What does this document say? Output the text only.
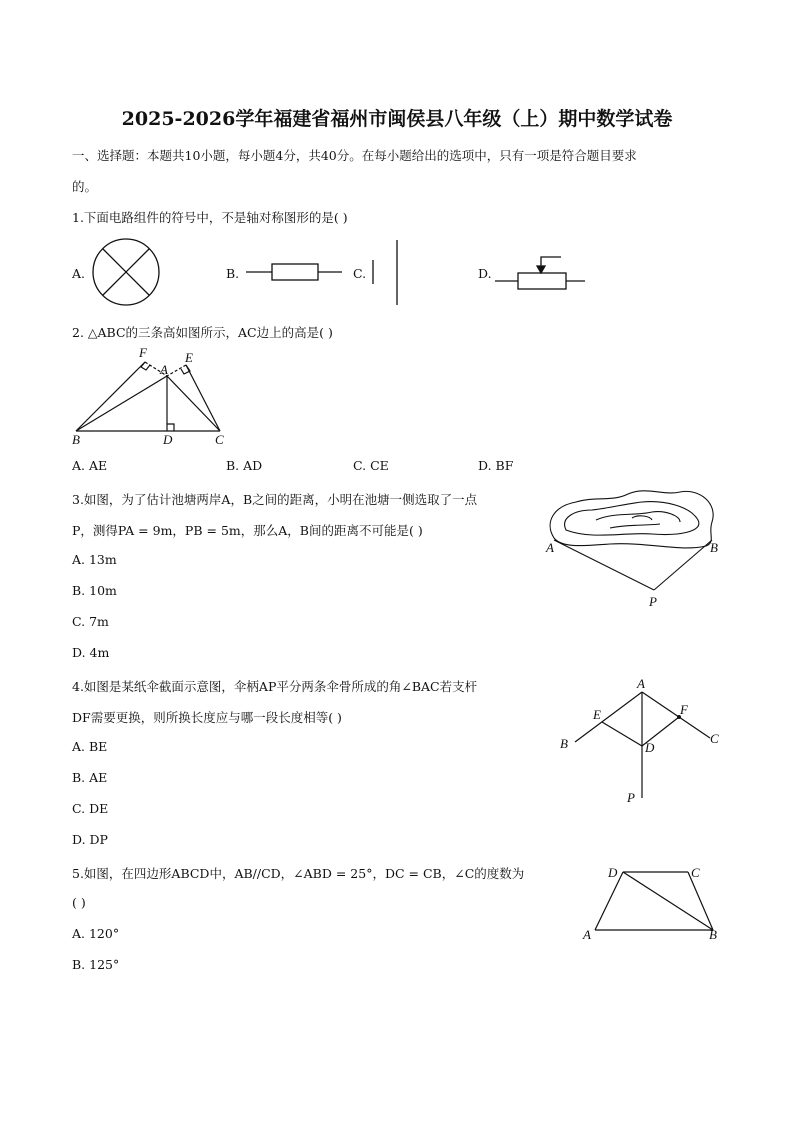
2025-2026学年福建省福州市闽侯县八年级（上）期中数学试卷
一、选择题：本题共10小题，每小题4分，共40分。在每小题给出的选项中，只有一项是符合题目要求
的。
1.下面电路组件的符号中，不是轴对称图形的是( )
A.	B.	C.	D.
2. △ABC的三条高如图所示，AC边上的高是( )
F	E
A
B	D	C
A. AE	B. AD	C. CE	D. BF
3.如图，为了估计池塘两岸A，B之间的距离，小明在池塘一侧选取了一点
P，测得PA = 9m，PB = 5m，那么A，B间的距离不可能是( )
A. 13m
B. 10m
C. 7m
D. 4m
A	B
P
4.如图是某纸伞截面示意图，伞柄AP平分两条伞骨所成的角∠BAC若支杆
DF需要更换，则所换长度应与哪一段长度相等( )
A. BE
B. AE
C. DE
D. DP
A
E	F
B	D
C
P
5.如图，在四边形ABCD中，AB//CD，∠ABD = 25°，DC = CB，∠C的度数为
( )
A. 120°
B. 125°
D	C
A	B
